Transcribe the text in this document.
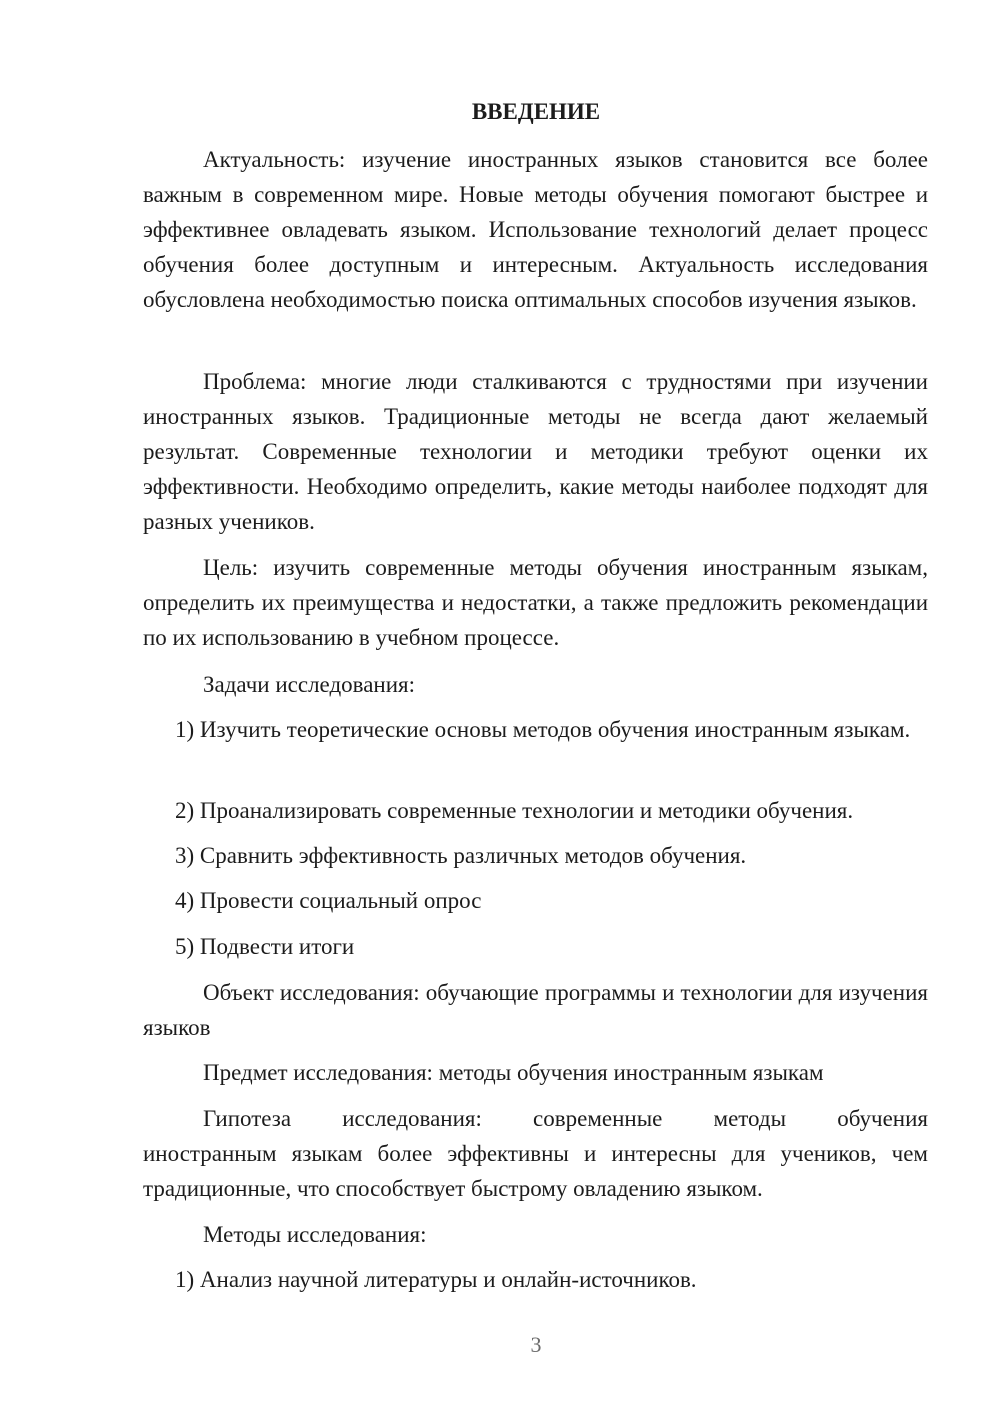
ВВЕДЕНИЕ

Актуальность: изучение иностранных языков становится все более важным в современном мире. Новые методы обучения помогают быстрее и эффективнее овладевать языком. Использование технологий делает процесс обучения более доступным и интересным. Актуальность исследования обусловлена необходимостью поиска оптимальных способов изучения языков.

Проблема: многие люди сталкиваются с трудностями при изучении иностранных языков. Традиционные методы не всегда дают желаемый результат. Современные технологии и методики требуют оценки их эффективности. Необходимо определить, какие методы наиболее подходят для разных учеников.

Цель: изучить современные методы обучения иностранным языкам, определить их преимущества и недостатки, а также предложить рекомендации по их использованию в учебном процессе.

Задачи исследования:

1) Изучить теоретические основы методов обучения иностранным языкам.

2) Проанализировать современные технологии и методики обучения.

3) Сравнить эффективность различных методов обучения.

4) Провести социальный опрос

5) Подвести итоги

Объект исследования: обучающие программы и технологии для изучения языков

Предмет исследования: методы обучения иностранным языкам

Гипотеза исследования: современные методы обучения

иностранным языкам более эффективны и интересны для учеников, чем традиционные, что способствует быстрому овладению языком.

Методы исследования:

1) Анализ научной литературы и онлайн-источников.

3
